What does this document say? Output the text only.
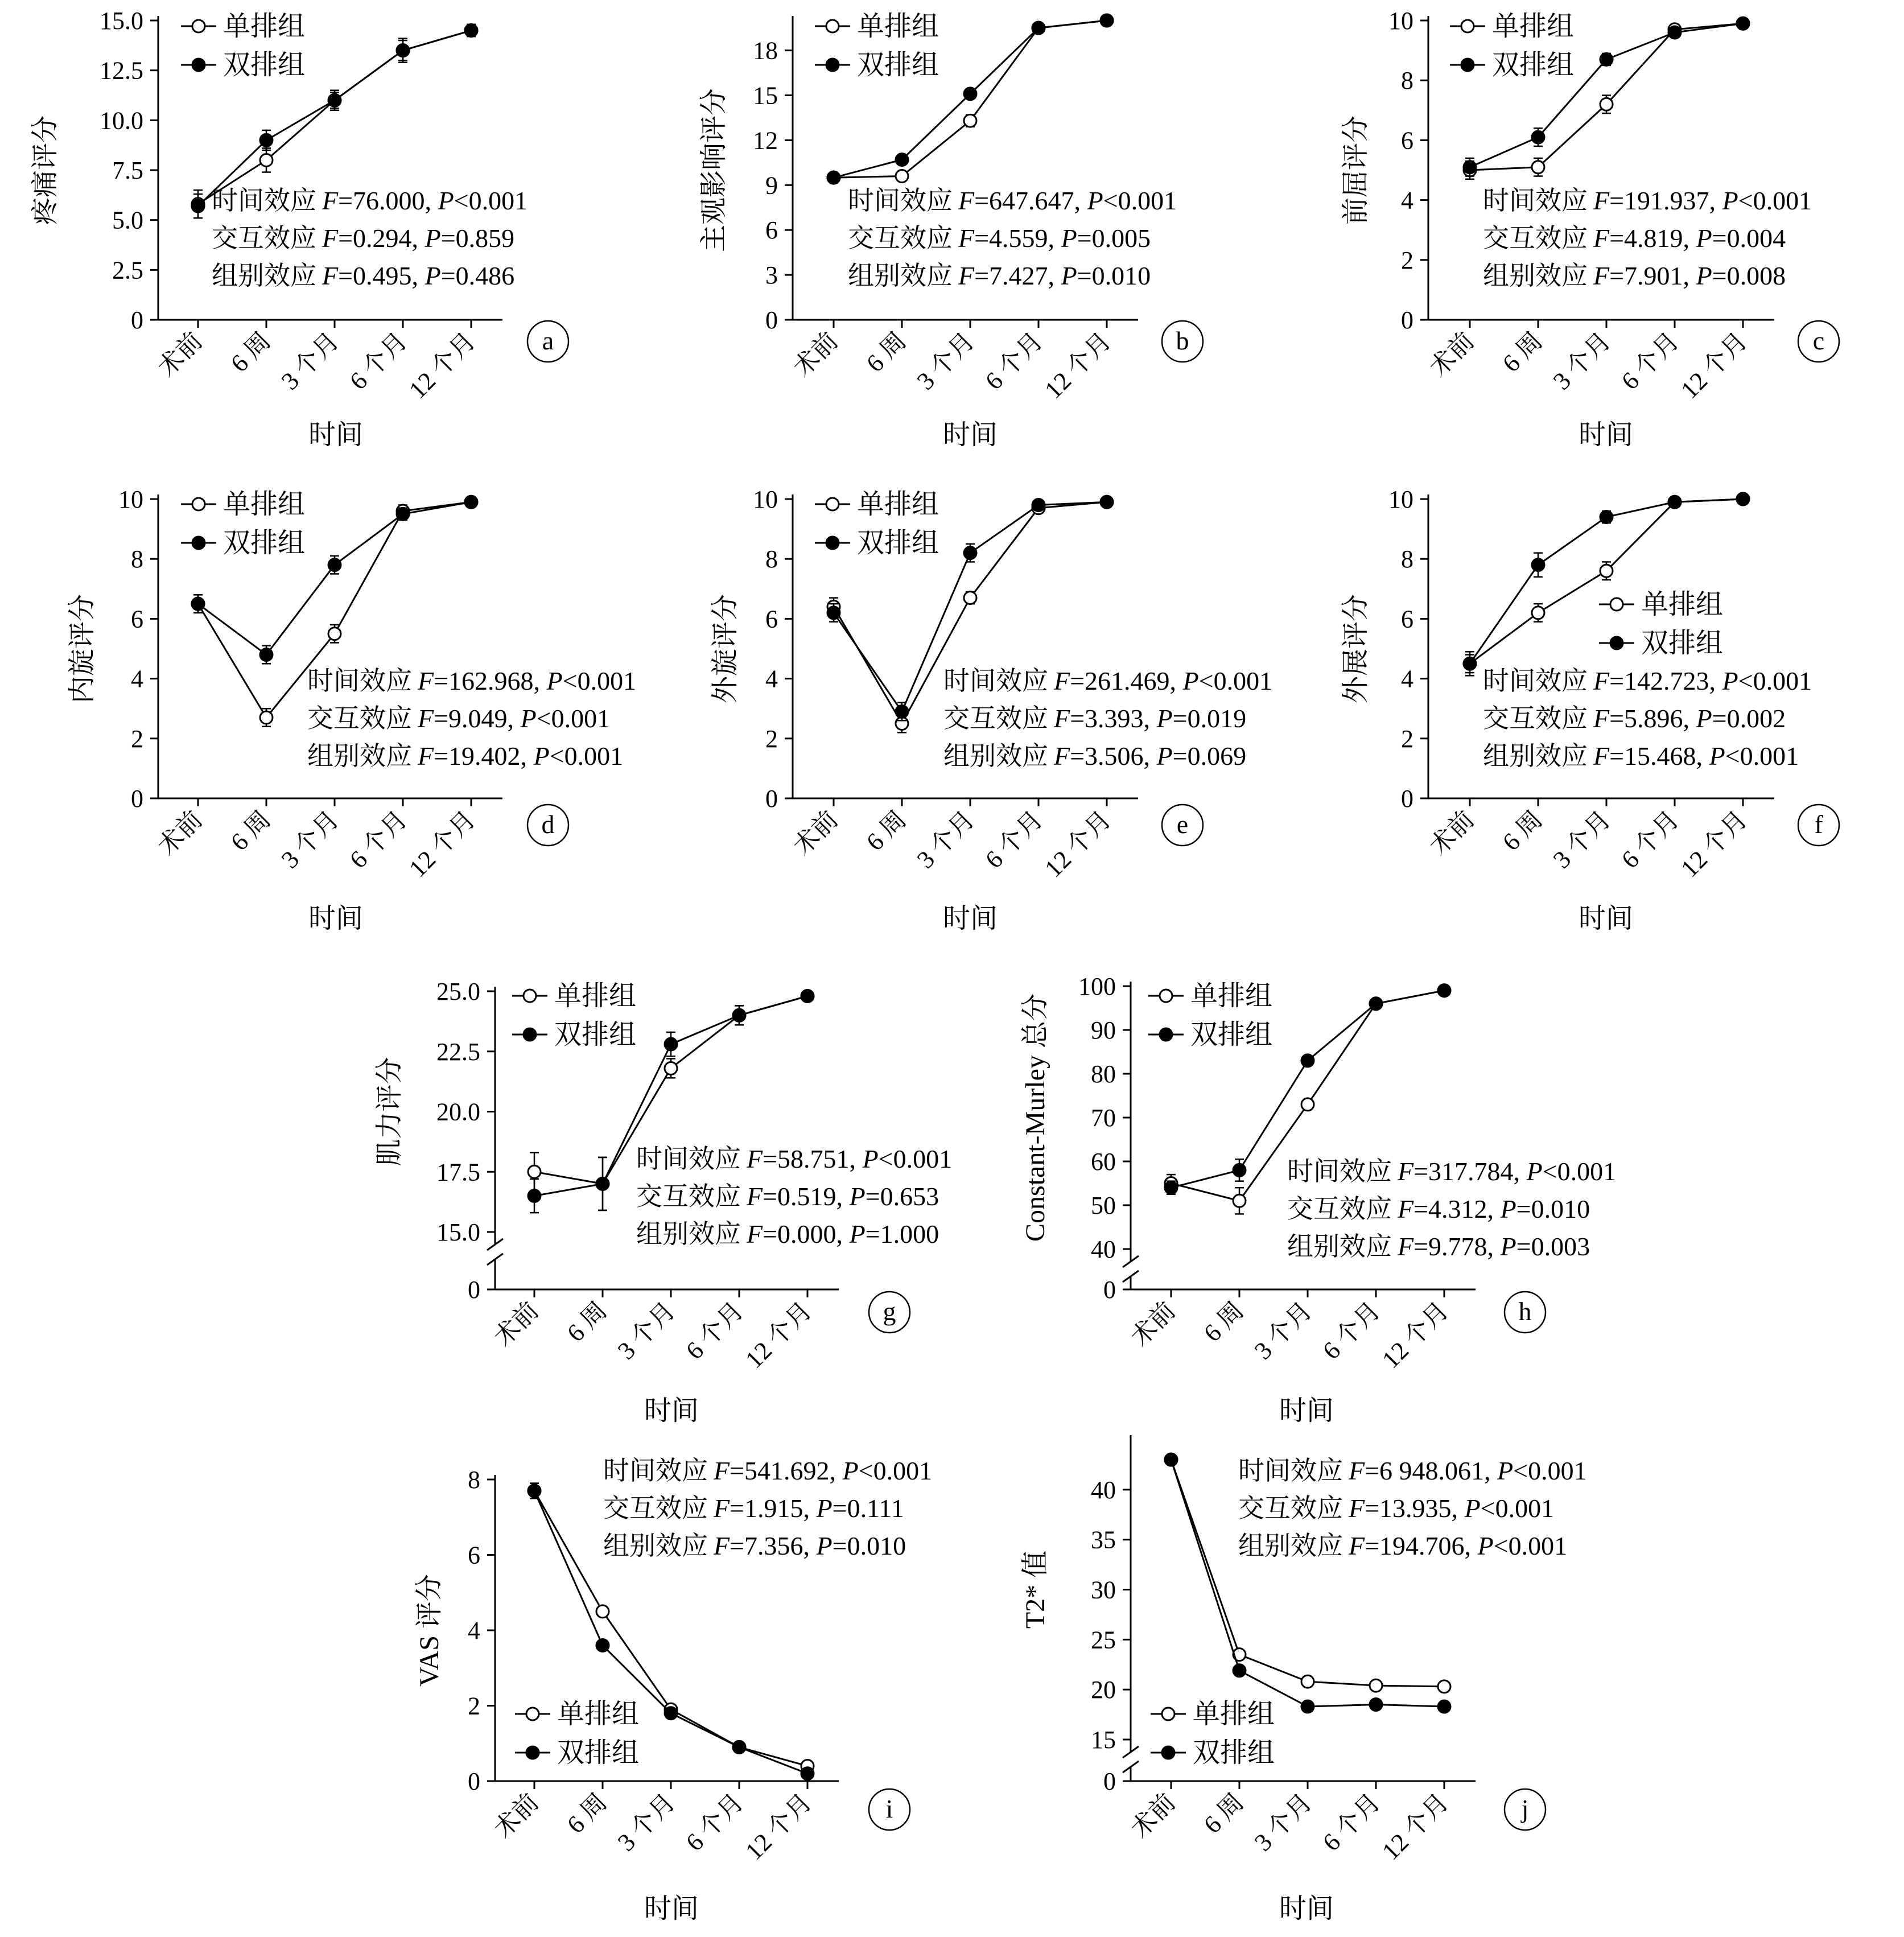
0
2.5
5.0
7.5
10.0
12.5
15.0
术前 6 周 3 个月 6 个月
12 个月
疼痛评分
时间
单排组
双排组
时间效应 F=76.000, P<0.001
交互效应 F=0.294, P=0.859
组别效应 F=0.495, P=0.486
a
0
3
6
9
12
15
18
术前 6 周 3 个月 6 个月
12 个月
主观影响评分
时间
单排组
双排组
时间效应 F=647.647, P<0.001
交互效应 F=4.559, P=0.005
组别效应 F=7.427, P=0.010
b
0
2
4
6
8
10
术前 6 周 3 个月 6 个月
12 个月
前屈评分
时间
单排组
双排组
时间效应 F=191.937, P<0.001
交互效应 F=4.819, P=0.004
组别效应 F=7.901, P=0.008
c
0
2
4
6
8
10
术前 6 周 3 个月 6 个月
12 个月
内旋评分
时间
单排组
双排组
时间效应 F=162.968, P<0.001
交互效应 F=9.049, P<0.001
组别效应 F=19.402, P<0.001
d
0
2
4
6
8
10
术前 6 周 3 个月 6 个月
12 个月
外旋评分
时间
单排组
双排组
时间效应 F=261.469, P<0.001
交互效应 F=3.393, P=0.019
组别效应 F=3.506, P=0.069
e
0
2
4
6
8
10
术前 6 周 3 个月 6 个月
12 个月
外展评分
时间
单排组
双排组
时间效应 F=142.723, P<0.001
交互效应 F=5.896, P=0.002
组别效应 F=15.468, P<0.001
f
0
15.0
17.5
20.0
22.5
25.0
术前 6 周 3 个月 6 个月
12 个月
肌力评分
时间
单排组
双排组
时间效应 F=58.751, P<0.001
交互效应 F=0.519, P=0.653
组别效应 F=0.000, P=1.000
g
0
40
50
60
70
80
90
100
术前 6 周 3 个月 6 个月
12 个月
Constant-Murley 总分
时间
单排组
双排组
时间效应 F=317.784, P<0.001
交互效应 F=4.312, P=0.010
组别效应 F=9.778, P=0.003
h
0
2
4
6
8
术前 6 周 3 个月 6 个月
12 个月
VAS 评分
时间
单排组
双排组
时间效应 F=541.692, P<0.001
交互效应 F=1.915, P=0.111
组别效应 F=7.356, P=0.010
i
0
15
20
25
30
35
40
术前 6 周 3 个月 6 个月
12 个月
T2* 值
时间
单排组
双排组
时间效应 F=6 948.061, P<0.001
交互效应 F=13.935, P<0.001
组别效应 F=194.706, P<0.001
j
